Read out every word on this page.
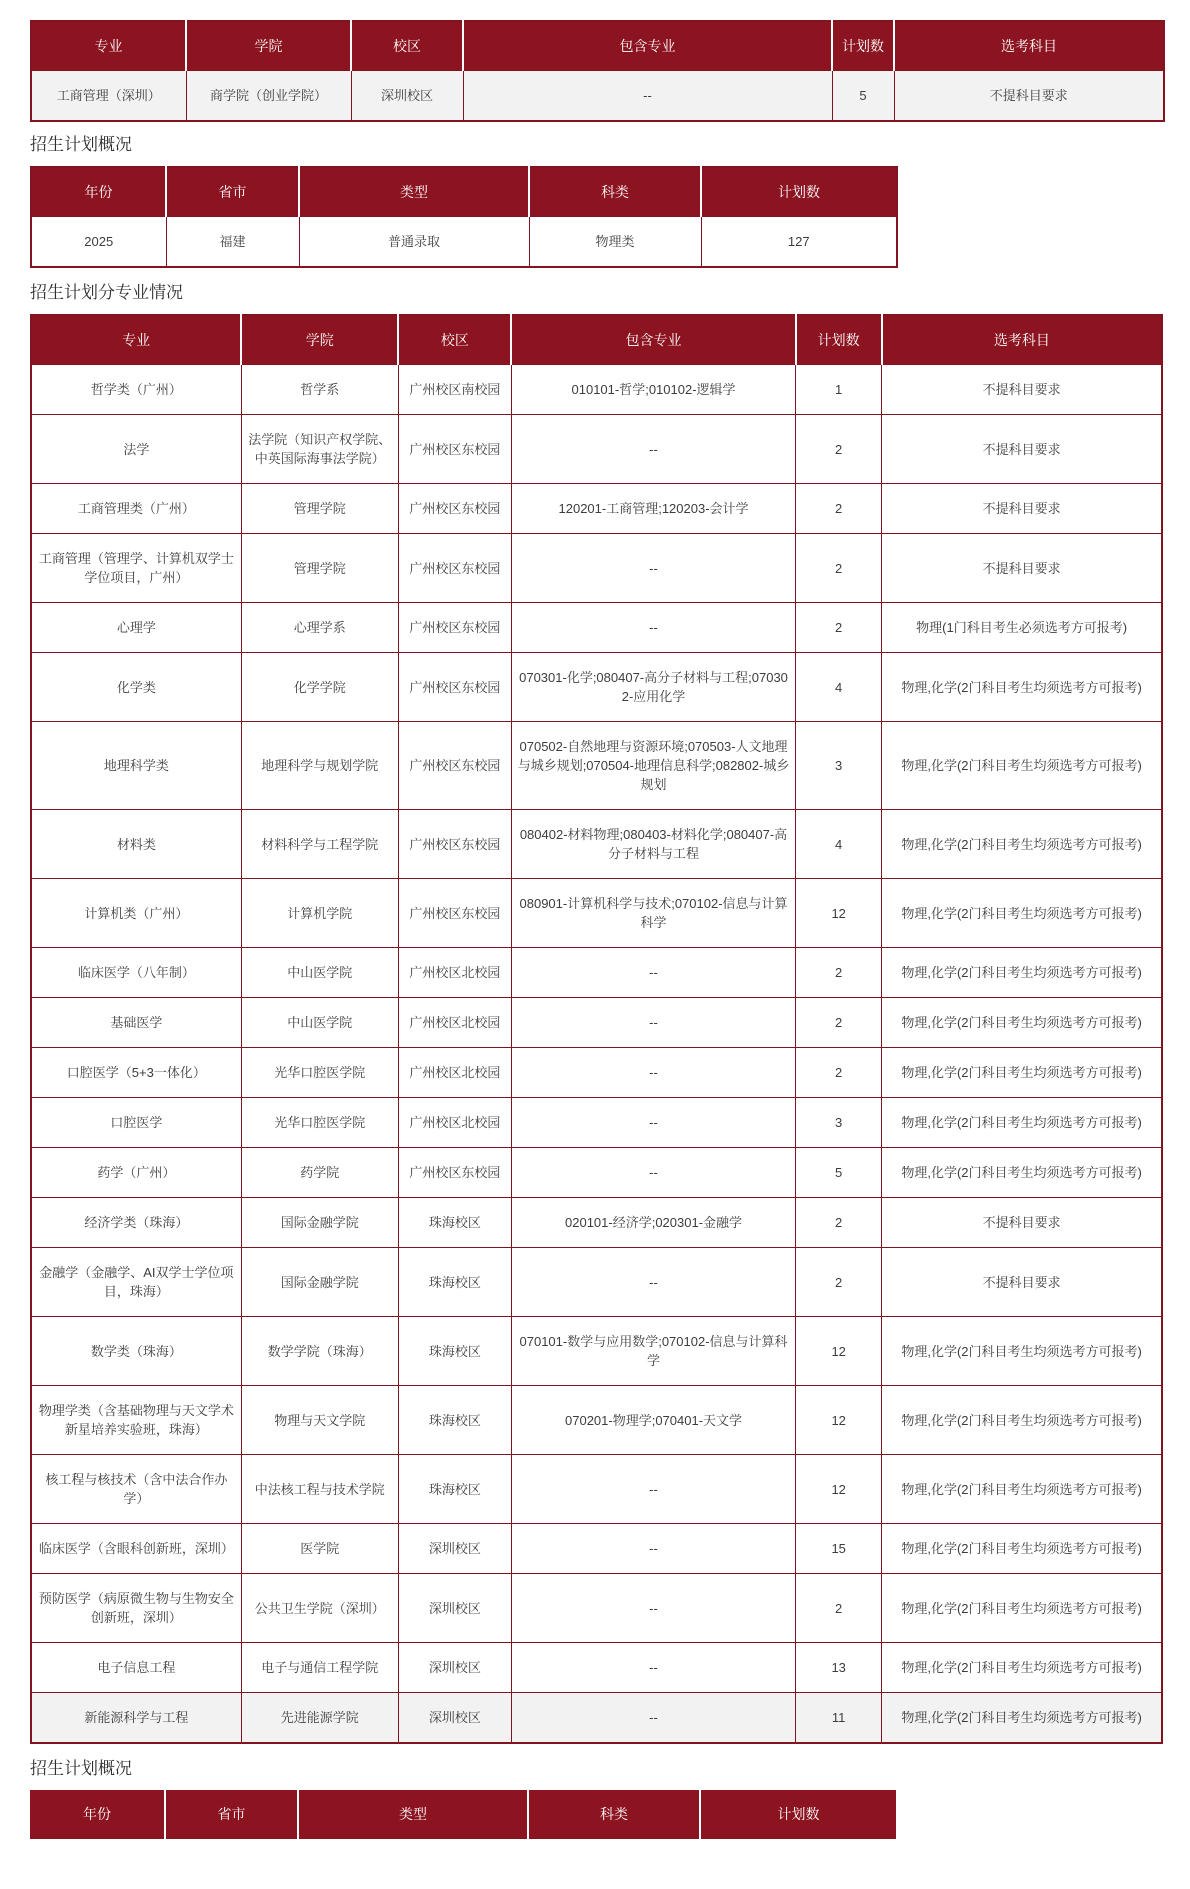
专业	学院	校区	包含专业	计划数	选考科目
工商管理（深圳）	商学院（创业学院）	深圳校区	--	5	不提科目要求
招生计划概况
年份	省市	类型	科类	计划数
2025	福建	普通录取	物理类	127
招生计划分专业情况
专业	学院	校区	包含专业	计划数	选考科目
哲学类（广州）	哲学系	广州校区南校园	010101-哲学;010102-逻辑学	1	不提科目要求
法学	法学院（知识产权学院、中英国际海事法学院）	广州校区东校园	--	2	不提科目要求
工商管理类（广州）	管理学院	广州校区东校园	120201-工商管理;120203-会计学	2	不提科目要求
工商管理（管理学、计算机双学士学位项目，广州）	管理学院	广州校区东校园	--	2	不提科目要求
心理学	心理学系	广州校区东校园	--	2	物理(1门科目考生必须选考方可报考)
化学类	化学学院	广州校区东校园	070301-化学;080407-高分子材料与工程;070302-应用化学	4	物理,化学(2门科目考生均须选考方可报考)
地理科学类	地理科学与规划学院	广州校区东校园	070502-自然地理与资源环境;070503-人文地理与城乡规划;070504-地理信息科学;082802-城乡规划	3	物理,化学(2门科目考生均须选考方可报考)
材料类	材料科学与工程学院	广州校区东校园	080402-材料物理;080403-材料化学;080407-高分子材料与工程	4	物理,化学(2门科目考生均须选考方可报考)
计算机类（广州）	计算机学院	广州校区东校园	080901-计算机科学与技术;070102-信息与计算科学	12	物理,化学(2门科目考生均须选考方可报考)
临床医学（八年制）	中山医学院	广州校区北校园	--	2	物理,化学(2门科目考生均须选考方可报考)
基础医学	中山医学院	广州校区北校园	--	2	物理,化学(2门科目考生均须选考方可报考)
口腔医学（5+3一体化）	光华口腔医学院	广州校区北校园	--	2	物理,化学(2门科目考生均须选考方可报考)
口腔医学	光华口腔医学院	广州校区北校园	--	3	物理,化学(2门科目考生均须选考方可报考)
药学（广州）	药学院	广州校区东校园	--	5	物理,化学(2门科目考生均须选考方可报考)
经济学类（珠海）	国际金融学院	珠海校区	020101-经济学;020301-金融学	2	不提科目要求
金融学（金融学、AI双学士学位项目，珠海）	国际金融学院	珠海校区	--	2	不提科目要求
数学类（珠海）	数学学院（珠海）	珠海校区	070101-数学与应用数学;070102-信息与计算科学	12	物理,化学(2门科目考生均须选考方可报考)
物理学类（含基础物理与天文学术新星培养实验班，珠海）	物理与天文学院	珠海校区	070201-物理学;070401-天文学	12	物理,化学(2门科目考生均须选考方可报考)
核工程与核技术（含中法合作办学）	中法核工程与技术学院	珠海校区	--	12	物理,化学(2门科目考生均须选考方可报考)
临床医学（含眼科创新班，深圳）	医学院	深圳校区	--	15	物理,化学(2门科目考生均须选考方可报考)
预防医学（病原微生物与生物安全创新班，深圳）	公共卫生学院（深圳）	深圳校区	--	2	物理,化学(2门科目考生均须选考方可报考)
电子信息工程	电子与通信工程学院	深圳校区	--	13	物理,化学(2门科目考生均须选考方可报考)
新能源科学与工程	先进能源学院	深圳校区	--	11	物理,化学(2门科目考生均须选考方可报考)
招生计划概况
年份	省市	类型	科类	计划数
